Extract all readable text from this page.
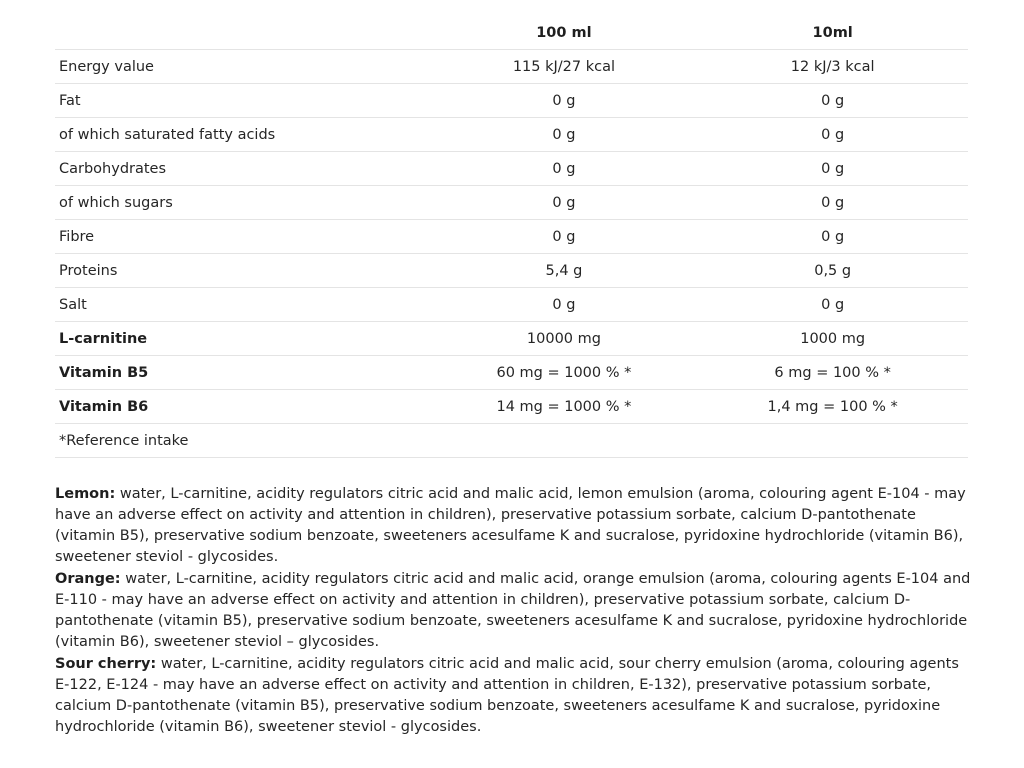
	100 ml	10ml
Energy value	115 kJ/27 kcal	12 kJ/3 kcal
Fat	0 g	0 g
of which saturated fatty acids	0 g	0 g
Carbohydrates	0 g	0 g
of which sugars	0 g	0 g
Fibre	0 g	0 g
Proteins	5,4 g	0,5 g
Salt	0 g	0 g
L-carnitine	10000 mg	1000 mg
Vitamin B5	60 mg = 1000 % *	6 mg = 100 % *
Vitamin B6	14 mg = 1000 % *	1,4 mg = 100 % *
*Reference intake		

Lemon: water, L-carnitine, acidity regulators citric acid and malic acid, lemon emulsion (aroma, colouring agent E-104 - may have an adverse effect on activity and attention in children), preservative potassium sorbate, calcium D-pantothenate (vitamin B5), preservative sodium benzoate, sweeteners acesulfame K and sucralose, pyridoxine hydrochloride (vitamin B6), sweetener steviol - glycosides.

Orange: water, L-carnitine, acidity regulators citric acid and malic acid, orange emulsion (aroma, colouring agents E-104 and E-110 - may have an adverse effect on activity and attention in children), preservative potassium sorbate, calcium D-pantothenate (vitamin B5), preservative sodium benzoate, sweeteners acesulfame K and sucralose, pyridoxine hydrochloride (vitamin B6), sweetener steviol – glycosides.

Sour cherry: water, L-carnitine, acidity regulators citric acid and malic acid, sour cherry emulsion (aroma, colouring agents E-122, E-124 - may have an adverse effect on activity and attention in children, E-132), preservative potassium sorbate, calcium D-pantothenate (vitamin B5), preservative sodium benzoate, sweeteners acesulfame K and sucralose, pyridoxine hydrochloride (vitamin B6), sweetener steviol - glycosides.
